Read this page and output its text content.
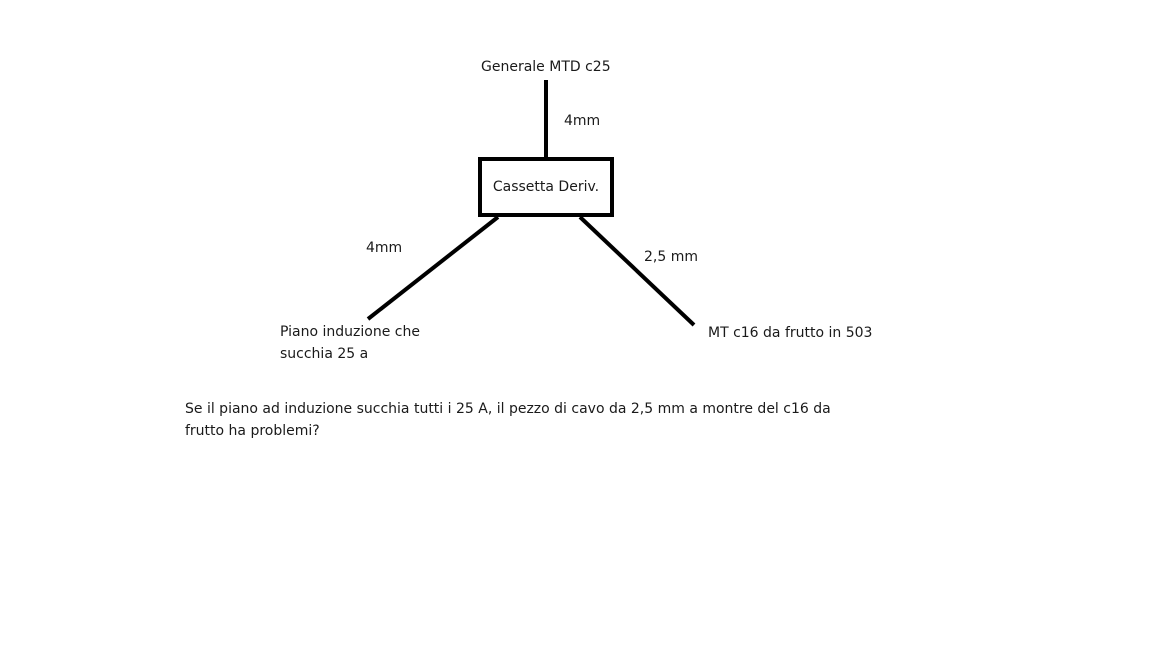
Generale MTD c25
4mm
Cassetta Deriv.
4mm
2,5 mm
Piano induzione che
succhia 25 a
MT c16 da frutto in 503
Se il piano ad induzione succhia tutti i 25 A, il pezzo di cavo da 2,5 mm a montre del c16 da
frutto ha problemi?
